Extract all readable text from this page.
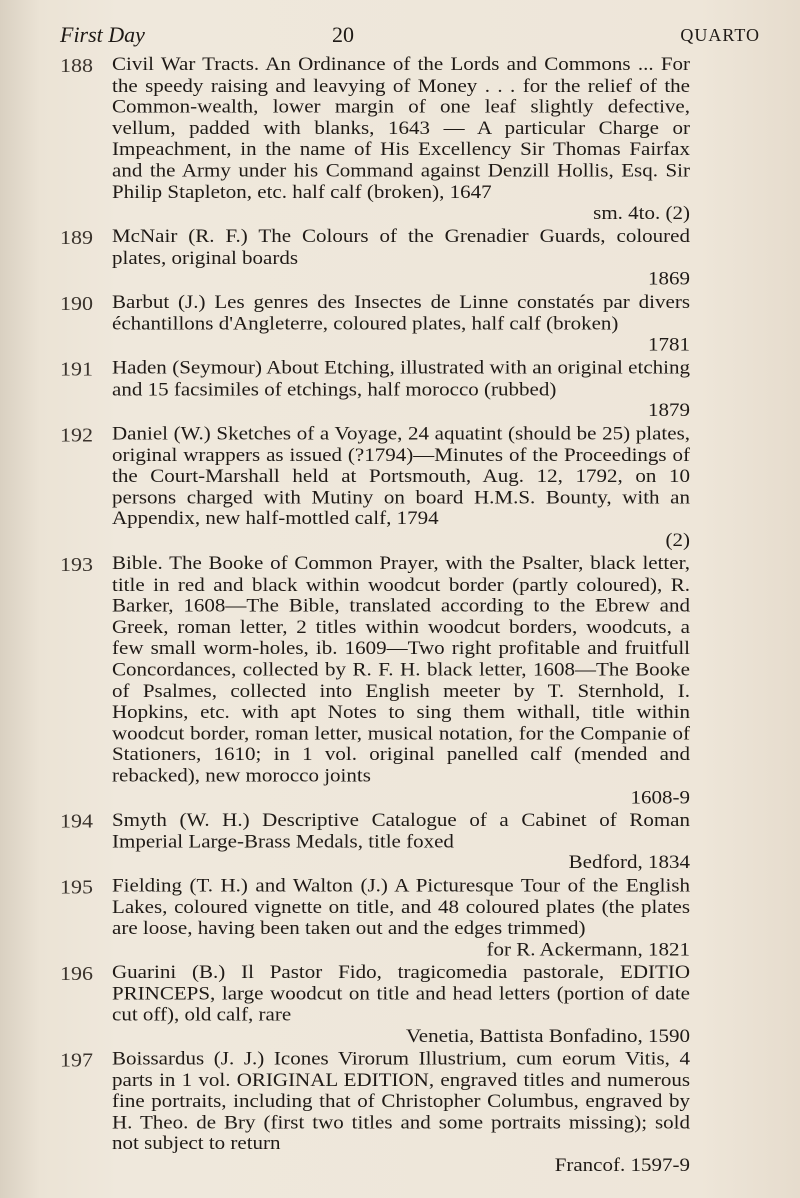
First Day	20	QUARTO
188 Civil War Tracts. An Ordinance of the Lords and Commons ... For the speedy raising and leavying of Money . . . for the relief of the Common-wealth, lower margin of one leaf slightly defective, vellum, padded with blanks, 1643 — A particular Charge or Impeachment, in the name of His Excellency Sir Thomas Fairfax and the Army under his Command against Denzill Hollis, Esq. Sir Philip Stapleton, etc. half calf (broken), 1647
sm. 4to. (2)
189 McNair (R. F.) The Colours of the Grenadier Guards, coloured plates, original boards
1869
190 Barbut (J.) Les genres des Insectes de Linne constatés par divers échantillons d'Angleterre, coloured plates, half calf (broken)
1781
191 Haden (Seymour) About Etching, illustrated with an original etching and 15 facsimiles of etchings, half morocco (rubbed)
1879
192 Daniel (W.) Sketches of a Voyage, 24 aquatint (should be 25) plates, original wrappers as issued (?1794)—Minutes of the Proceedings of the Court-Marshall held at Portsmouth, Aug. 12, 1792, on 10 persons charged with Mutiny on board H.M.S. Bounty, with an Appendix, new half-mottled calf, 1794
(2)
193 Bible. The Booke of Common Prayer, with the Psalter, black letter, title in red and black within woodcut border (partly coloured), R. Barker, 1608—The Bible, translated according to the Ebrew and Greek, roman letter, 2 titles within woodcut borders, woodcuts, a few small worm-holes, ib. 1609—Two right profitable and fruitfull Concordances, collected by R. F. H. black letter, 1608—The Booke of Psalmes, collected into English meeter by T. Sternhold, I. Hopkins, etc. with apt Notes to sing them withall, title within woodcut border, roman letter, musical notation, for the Companie of Stationers, 1610; in 1 vol. original panelled calf (mended and rebacked), new morocco joints
1608-9
194 Smyth (W. H.) Descriptive Catalogue of a Cabinet of Roman Imperial Large-Brass Medals, title foxed
Bedford, 1834
195 Fielding (T. H.) and Walton (J.) A Picturesque Tour of the English Lakes, coloured vignette on title, and 48 coloured plates (the plates are loose, having been taken out and the edges trimmed)
for R. Ackermann, 1821
196 Guarini (B.) Il Pastor Fido, tragicomedia pastorale, EDITIO PRINCEPS, large woodcut on title and head letters (portion of date cut off), old calf, rare
Venetia, Battista Bonfadino, 1590
197 Boissardus (J. J.) Icones Virorum Illustrium, cum eorum Vitis, 4 parts in 1 vol. ORIGINAL EDITION, engraved titles and numerous fine portraits, including that of Christopher Columbus, engraved by H. Theo. de Bry (first two titles and some portraits missing); sold not subject to return
Francof. 1597-9
